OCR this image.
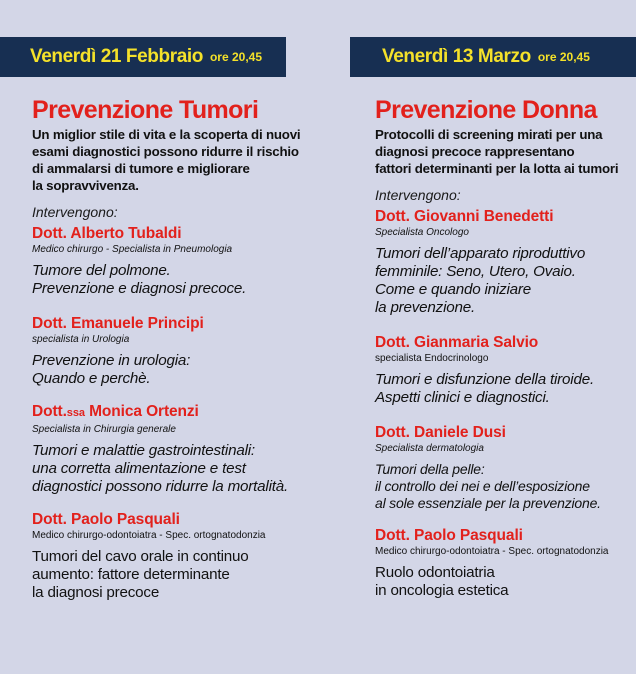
Venerdì 21 Febbraio ore 20,45
Prevenzione Tumori
Un miglior stile di vita e la scoperta di nuovi
esami diagnostici possono ridurre il rischio
di ammalarsi di tumore e migliorare
la sopravvivenza.
Intervengono:
Dott. Alberto Tubaldi
Medico chirurgo - Specialista in Pneumologia
Tumore del polmone.
Prevenzione e diagnosi precoce.
Dott. Emanuele Principi
specialista in Urologia
Prevenzione in urologia:
Quando e perchè.
Dott.ssa Monica Ortenzi
Specialista in Chirurgia generale
Tumori e malattie gastrointestinali:
una corretta alimentazione e test
diagnostici possono ridurre la mortalità.
Dott. Paolo Pasquali
Medico chirurgo-odontoiatra - Spec. ortognatodonzia
Tumori del cavo orale in continuo
aumento: fattore determinante
la diagnosi precoce
Venerdì 13 Marzo ore 20,45
Prevenzione Donna
Protocolli di screening mirati per una
diagnosi precoce rappresentano
fattori determinanti per la lotta ai tumori
Intervengono:
Dott. Giovanni Benedetti
Specialista Oncologo
Tumori dell’apparato riproduttivo
femminile: Seno, Utero, Ovaio.
Come e quando iniziare
la prevenzione.
Dott. Gianmaria Salvio
specialista Endocrinologo
Tumori e disfunzione della tiroide.
Aspetti clinici e diagnostici.
Dott. Daniele Dusi
Specialista dermatologia
Tumori della pelle:
il controllo dei nei e dell’esposizione
al sole essenziale per la prevenzione.
Dott. Paolo Pasquali
Medico chirurgo-odontoiatra - Spec. ortognatodonzia
Ruolo odontoiatria
in oncologia estetica
